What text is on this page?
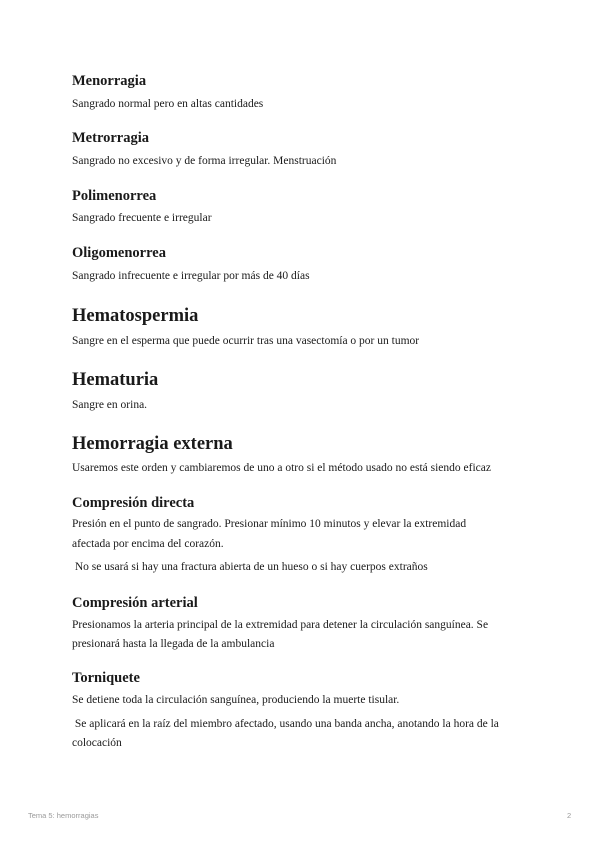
Menorragia
Sangrado normal pero en altas cantidades
Metrorragia
Sangrado no excesivo y de forma irregular. Menstruación
Polimenorrea
Sangrado frecuente e irregular
Oligomenorrea
Sangrado infrecuente e irregular por más de 40 días
Hematospermia
Sangre en el esperma que puede ocurrir tras una vasectomía o por un tumor
Hematuria
Sangre en orina.
Hemorragia externa
Usaremos este orden y cambiaremos de uno a otro si el método usado no está siendo eficaz
Compresión directa
Presión en el punto de sangrado. Presionar mínimo 10 minutos y elevar la extremidad
afectada por encima del corazón.
No se usará si hay una fractura abierta de un hueso o si hay cuerpos extraños
Compresión arterial
Presionamos la arteria principal de la extremidad para detener la circulación sanguínea. Se
presionará hasta la llegada de la ambulancia
Torniquete
Se detiene toda la circulación sanguínea, produciendo la muerte tisular.
Se aplicará en la raíz del miembro afectado, usando una banda ancha, anotando la hora de la
colocación
Tema 5: hemorragias	2
